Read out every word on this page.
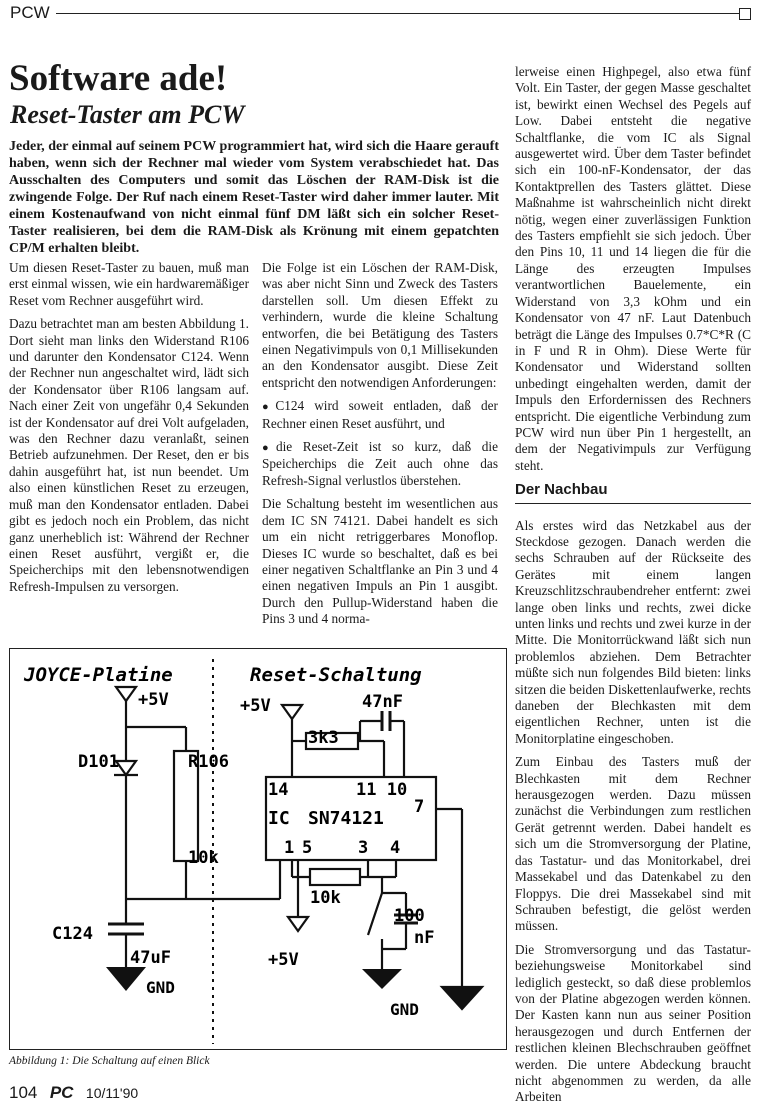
PCW
Software ade!
Reset-Taster am PCW

Jeder, der einmal auf seinem PCW programmiert hat, wird sich die Haare gerauft haben, wenn sich der Rechner mal wieder vom System verabschiedet hat. Das Ausschalten des Computers und somit das Löschen der RAM-Disk ist die zwingende Folge. Der Ruf nach einem Reset-Taster wird daher immer lauter. Mit einem Kostenaufwand von nicht einmal fünf DM läßt sich ein solcher Reset-Taster realisieren, bei dem die RAM-Disk als Krönung mit einem gepatchten CP/M erhalten bleibt.

Um diesen Reset-Taster zu bauen, muß man erst einmal wissen, wie ein hardwaremäßiger Reset vom Rechner ausgeführt wird.

Dazu betrachtet man am besten Abbildung 1. Dort sieht man links den Widerstand R106 und darunter den Kondensator C124. Wenn der Rechner nun angeschaltet wird, lädt sich der Kondensator über R106 langsam auf. Nach einer Zeit von ungefähr 0,4 Sekunden ist der Kondensator auf drei Volt aufgeladen, was den Rechner dazu veranlaßt, seinen Betrieb aufzunehmen. Der Reset, den er bis dahin ausgeführt hat, ist nun beendet. Um also einen künstlichen Reset zu erzeugen, muß man den Kondensator entladen. Dabei gibt es jedoch noch ein Problem, das nicht ganz unerheblich ist: Während der Rechner einen Reset ausführt, vergißt er, die Speicherchips mit den lebensnotwendigen Refresh-Impulsen zu versorgen.

Die Folge ist ein Löschen der RAM-Disk, was aber nicht Sinn und Zweck des Tasters darstellen soll. Um diesen Effekt zu verhindern, wurde die kleine Schaltung entworfen, die bei Betätigung des Tasters einen Negativimpuls von 0,1 Millisekunden an den Kondensator ausgibt. Diese Zeit entspricht den notwendigen Anforderungen:

●C124 wird soweit entladen, daß der Rechner einen Reset ausführt, und

●die Reset-Zeit ist so kurz, daß die Speicherchips die Zeit auch ohne das Refresh-Signal verlustlos überstehen.

Die Schaltung besteht im wesentlichen aus dem IC SN 74121. Dabei handelt es sich um ein nicht retriggerbares Monoflop. Dieses IC wurde so beschaltet, daß es bei einer negativen Schaltflanke an Pin 3 und 4 einen negativen Impuls an Pin 1 ausgibt. Durch den Pullup-Widerstand haben die Pins 3 und 4 norma-

lerweise einen Highpegel, also etwa fünf Volt. Ein Taster, der gegen Masse geschaltet ist, bewirkt einen Wechsel des Pegels auf Low. Dabei entsteht die negative Schaltflanke, die vom IC als Signal ausgewertet wird. Über dem Taster befindet sich ein 100-nF-Kondensator, der das Kontaktprellen des Tasters glättet. Diese Maßnahme ist wahrscheinlich nicht direkt nötig, wegen einer zuverlässigen Funktion des Tasters empfiehlt sie sich jedoch. Über den Pins 10, 11 und 14 liegen die für die Länge des erzeugten Impulses verantwortlichen Bauelemente, ein Widerstand von 3,3 kOhm und ein Kondensator von 47 nF. Laut Datenbuch beträgt die Länge des Impulses 0.7*C*R (C in F und R in Ohm). Diese Werte für Kondensator und Widerstand sollten unbedingt eingehalten werden, damit der Impuls den Erfordernissen des Rechners entspricht. Die eigentliche Verbindung zum PCW wird nun über Pin 1 hergestellt, an dem der Negativimpuls zur Verfügung steht.

Der Nachbau

Als erstes wird das Netzkabel aus der Steckdose gezogen. Danach werden die sechs Schrauben auf der Rückseite des Gerätes mit einem langen Kreuzschlitzschraubendreher entfernt: zwei lange oben links und rechts, zwei dicke unten links und rechts und zwei kurze in der Mitte. Die Monitorrückwand läßt sich nun problemlos abziehen. Dem Betrachter müßte sich nun folgendes Bild bieten: links sitzen die beiden Diskettenlaufwerke, rechts daneben der Blechkasten mit dem eigentlichen Rechner, unten ist die Monitorplatine eingeschoben.

Zum Einbau des Tasters muß der Blechkasten mit dem Rechner herausgezogen werden. Dazu müssen zunächst die Verbindungen zum restlichen Gerät getrennt werden. Dabei handelt es sich um die Stromversorgung der Platine, das Tastatur- und das Monitorkabel, drei Massekabel und das Datenkabel zu den Floppys. Die drei Massekabel sind mit Schrauben befestigt, die gelöst werden müssen.

Die Stromversorgung und das Tastatur- beziehungsweise Monitorkabel sind lediglich gesteckt, so daß diese problemlos von der Platine abgezogen werden können. Der Kasten kann nun aus seiner Position herausgezogen und durch Entfernen der restlichen kleinen Blechschrauben geöffnet werden. Die untere Abdeckung braucht nicht abgenommen zu werden, da alle Arbeiten

JOYCE-Platine	Reset-Schaltung
+5V	+5V
D101	R106
10k
C124
47uF
GND
3k3
47nF
14	11 10
IC SN74121
7
1 5	3 4
10k
100
nF
+5V
GND

Abbildung 1: Die Schaltung auf einen Blick

104 PC 10/11'90
